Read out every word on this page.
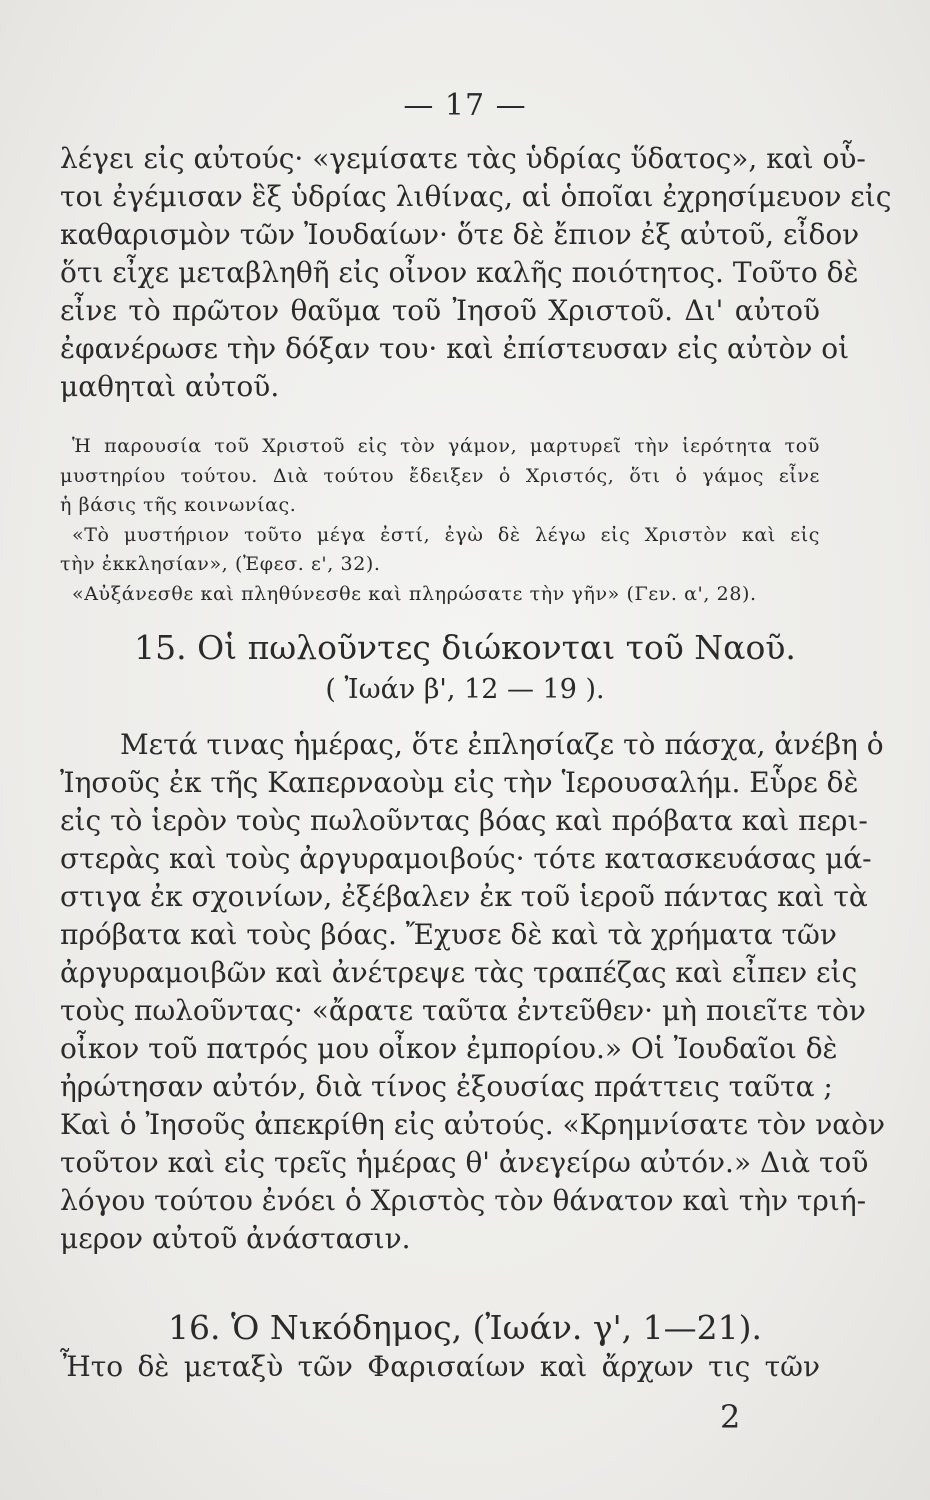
— 17 —
λέγει εἰς αὐτούς· «γεμίσατε τὰς ὑδρίας ὕδατος», καὶ οὗ-
τοι ἐγέμισαν ἓξ ὑδρίας λιθίνας, αἱ ὁποῖαι ἐχρησίμευον εἰς
καθαρισμὸν τῶν Ἰουδαίων· ὅτε δὲ ἔπιον ἐξ αὐτοῦ, εἶδον
ὅτι εἶχε μεταβληθῆ εἰς οἶνον καλῆς ποιότητος. Τοῦτο δὲ
εἶνε τὸ πρῶτον θαῦμα τοῦ Ἰησοῦ Χριστοῦ. Δι' αὐτοῦ
ἐφανέρωσε τὴν δόξαν του· καὶ ἐπίστευσαν εἰς αὐτὸν οἱ
μαθηταὶ αὐτοῦ.
Ἡ παρουσία τοῦ Χριστοῦ εἰς τὸν γάμον, μαρτυρεῖ τὴν ἱερότητα τοῦ
μυστηρίου τούτου. Διὰ τούτου ἔδειξεν ὁ Χριστός, ὅτι ὁ γάμος εἶνε
ἡ βάσις τῆς κοινωνίας.
«Τὸ μυστήριον τοῦτο μέγα ἐστί, ἐγὼ δὲ λέγω εἰς Χριστὸν καὶ εἰς
τὴν ἐκκλησίαν», (Ἐφεσ. ε', 32).
«Αὐξάνεσθε καὶ πληθύνεσθε καὶ πληρώσατε τὴν γῆν» (Γεν. α', 28).
15. Οἱ πωλοῦντες διώκονται τοῦ Ναοῦ.
( Ἰωάν β', 12 — 19 ).
Μετά τινας ἡμέρας, ὅτε ἐπλησίαζε τὸ πάσχα, ἀνέβη ὁ
Ἰησοῦς ἐκ τῆς Καπερναοὺμ εἰς τὴν Ἱερουσαλήμ. Εὗρε δὲ
εἰς τὸ ἱερὸν τοὺς πωλοῦντας βόας καὶ πρόβατα καὶ περι-
στερὰς καὶ τοὺς ἀργυραμοιβούς· τότε κατασκευάσας μά-
στιγα ἐκ σχοινίων, ἐξέβαλεν ἐκ τοῦ ἱεροῦ πάντας καὶ τὰ
πρόβατα καὶ τοὺς βόας. Ἔχυσε δὲ καὶ τὰ χρήματα τῶν
ἀργυραμοιβῶν καὶ ἀνέτρεψε τὰς τραπέζας καὶ εἶπεν εἰς
τοὺς πωλοῦντας· «ἄρατε ταῦτα ἐντεῦθεν· μὴ ποιεῖτε τὸν
οἶκον τοῦ πατρός μου οἶκον ἐμπορίου.» Οἱ Ἰουδαῖοι δὲ
ἠρώτησαν αὐτόν, διὰ τίνος ἐξουσίας πράττεις ταῦτα ;
Καὶ ὁ Ἰησοῦς ἀπεκρίθη εἰς αὐτούς. «Κρημνίσατε τὸν ναὸν
τοῦτον καὶ εἰς τρεῖς ἡμέρας θ' ἀνεγείρω αὐτόν.» Διὰ τοῦ
λόγου τούτου ἐνόει ὁ Χριστὸς τὸν θάνατον καὶ τὴν τριή-
μερον αὐτοῦ ἀνάστασιν.
16. Ὁ Νικόδημος, (Ἰωάν. γ', 1—21).
Ἦτο δὲ μεταξὺ τῶν Φαρισαίων καὶ ἄρχων τις τῶν
2
